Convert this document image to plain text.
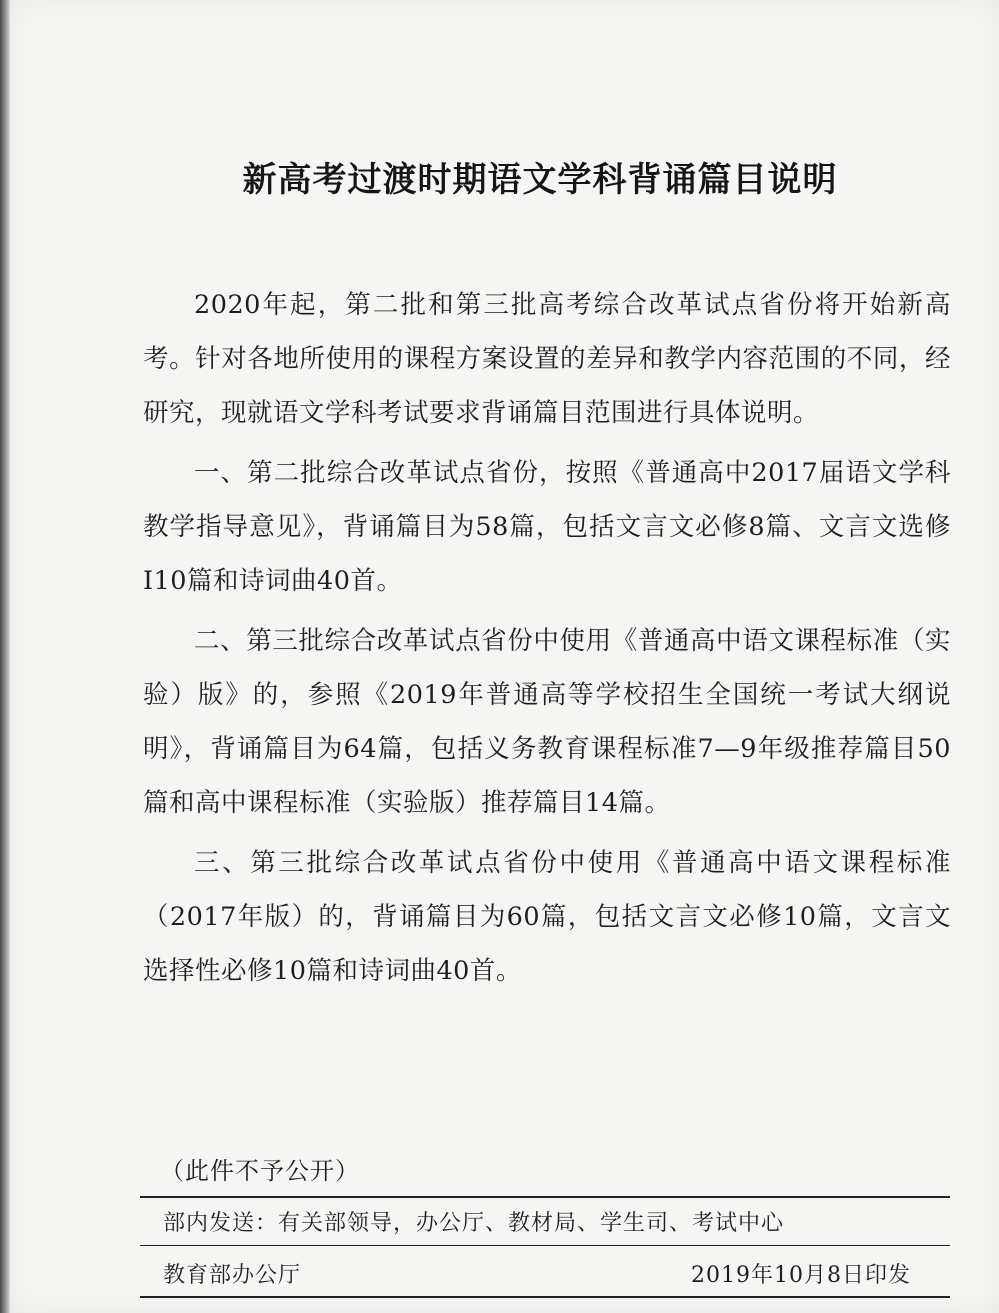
新高考过渡时期语文学科背诵篇目说明

2020年起，第二批和第三批高考综合改革试点省份将开始新高考。针对各地所使用的课程方案设置的差异和教学内容范围的不同，经研究，现就语文学科考试要求背诵篇目范围进行具体说明。

一、第二批综合改革试点省份，按照《普通高中2017届语文学科教学指导意见》，背诵篇目为58篇，包括文言文必修8篇、文言文选修I10篇和诗词曲40首。

二、第三批综合改革试点省份中使用《普通高中语文课程标准（实验）版》的，参照《2019年普通高等学校招生全国统一考试大纲说明》，背诵篇目为64篇，包括义务教育课程标准7—9年级推荐篇目50篇和高中课程标准（实验版）推荐篇目14篇。

三、第三批综合改革试点省份中使用《普通高中语文课程标准（2017年版）的，背诵篇目为60篇，包括文言文必修10篇，文言文选择性必修10篇和诗词曲40首。

（此件不予公开）
部内发送：有关部领导，办公厅、教材局、学生司、考试中心
教育部办公厅	2019年10月8日印发
